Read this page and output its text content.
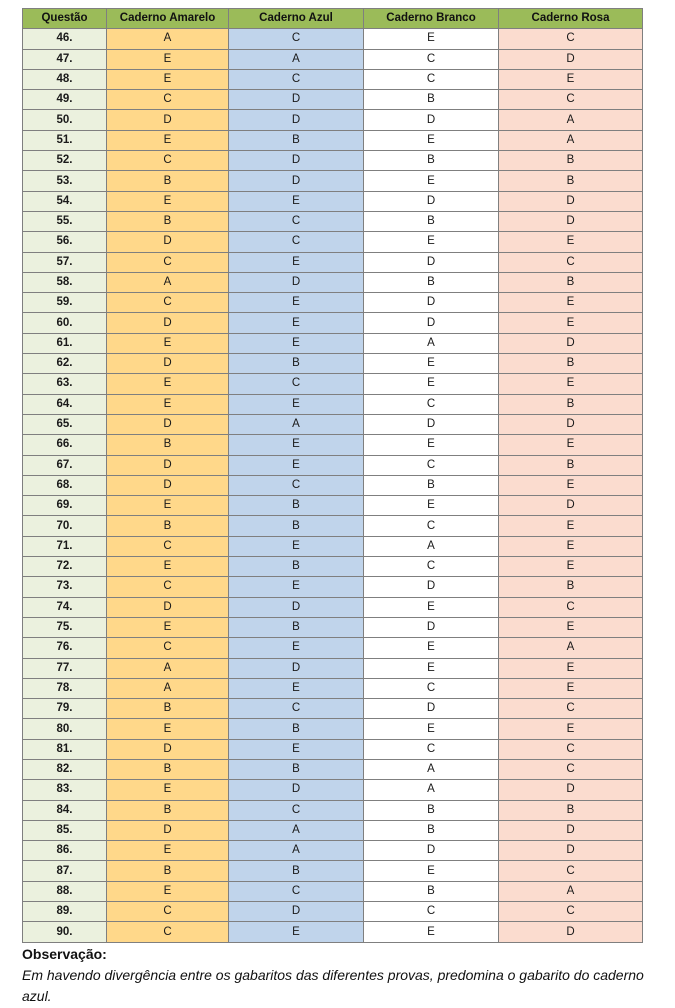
Questão	Caderno Amarelo	Caderno Azul	Caderno Branco	Caderno Rosa
46.	A	C	E	C
47.	E	A	C	D
48.	E	C	C	E
49.	C	D	B	C
50.	D	D	D	A
51.	E	B	E	A
52.	C	D	B	B
53.	B	D	E	B
54.	E	E	D	D
55.	B	C	B	D
56.	D	C	E	E
57.	C	E	D	C
58.	A	D	B	B
59.	C	E	D	E
60.	D	E	D	E
61.	E	E	A	D
62.	D	B	E	B
63.	E	C	E	E
64.	E	E	C	B
65.	D	A	D	D
66.	B	E	E	E
67.	D	E	C	B
68.	D	C	B	E
69.	E	B	E	D
70.	B	B	C	E
71.	C	E	A	E
72.	E	B	C	E
73.	C	E	D	B
74.	D	D	E	C
75.	E	B	D	E
76.	C	E	E	A
77.	A	D	E	E
78.	A	E	C	E
79.	B	C	D	C
80.	E	B	E	E
81.	D	E	C	C
82.	B	B	A	C
83.	E	D	A	D
84.	B	C	B	B
85.	D	A	B	D
86.	E	A	D	D
87.	B	B	E	C
88.	E	C	B	A
89.	C	D	C	C
90.	C	E	E	D
Observação:
Em havendo divergência entre os gabaritos das diferentes provas, predomina o gabarito do caderno azul.
